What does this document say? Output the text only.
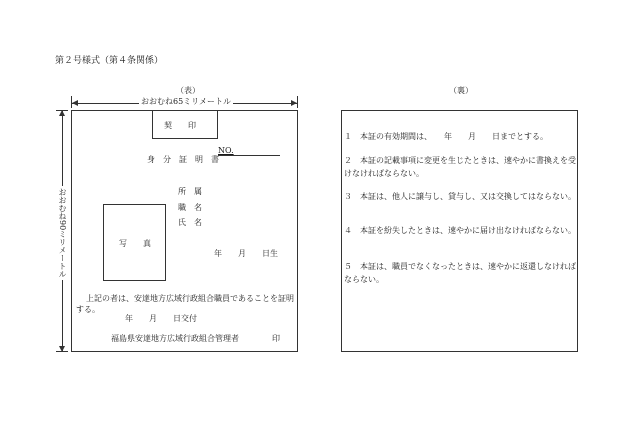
第２号様式（第４条関係）
（表）	（裏）
おおむね65ミリメートル
おおむね90ミリメートル
契　　印
NO.
身　分　証　明　書
所　属
職　名
氏　名
写　　真
年　　月　　日生
上記の者は、安達地方広域行政組合職員であることを証明する。
年　　月　　日交付
福島県安達地方広域行政組合管理者	印
１　本証の有効期間は、　　年　　月　　日までとする。
２　本証の記載事項に変更を生じたときは、速やかに書換えを受けなければならない。
３　本証は、他人に譲与し、貸与し、又は交換してはならない。
４　本証を紛失したときは、速やかに届け出なければならない。
５　本証は、職員でなくなったときは、速やかに返還しなければならない。
